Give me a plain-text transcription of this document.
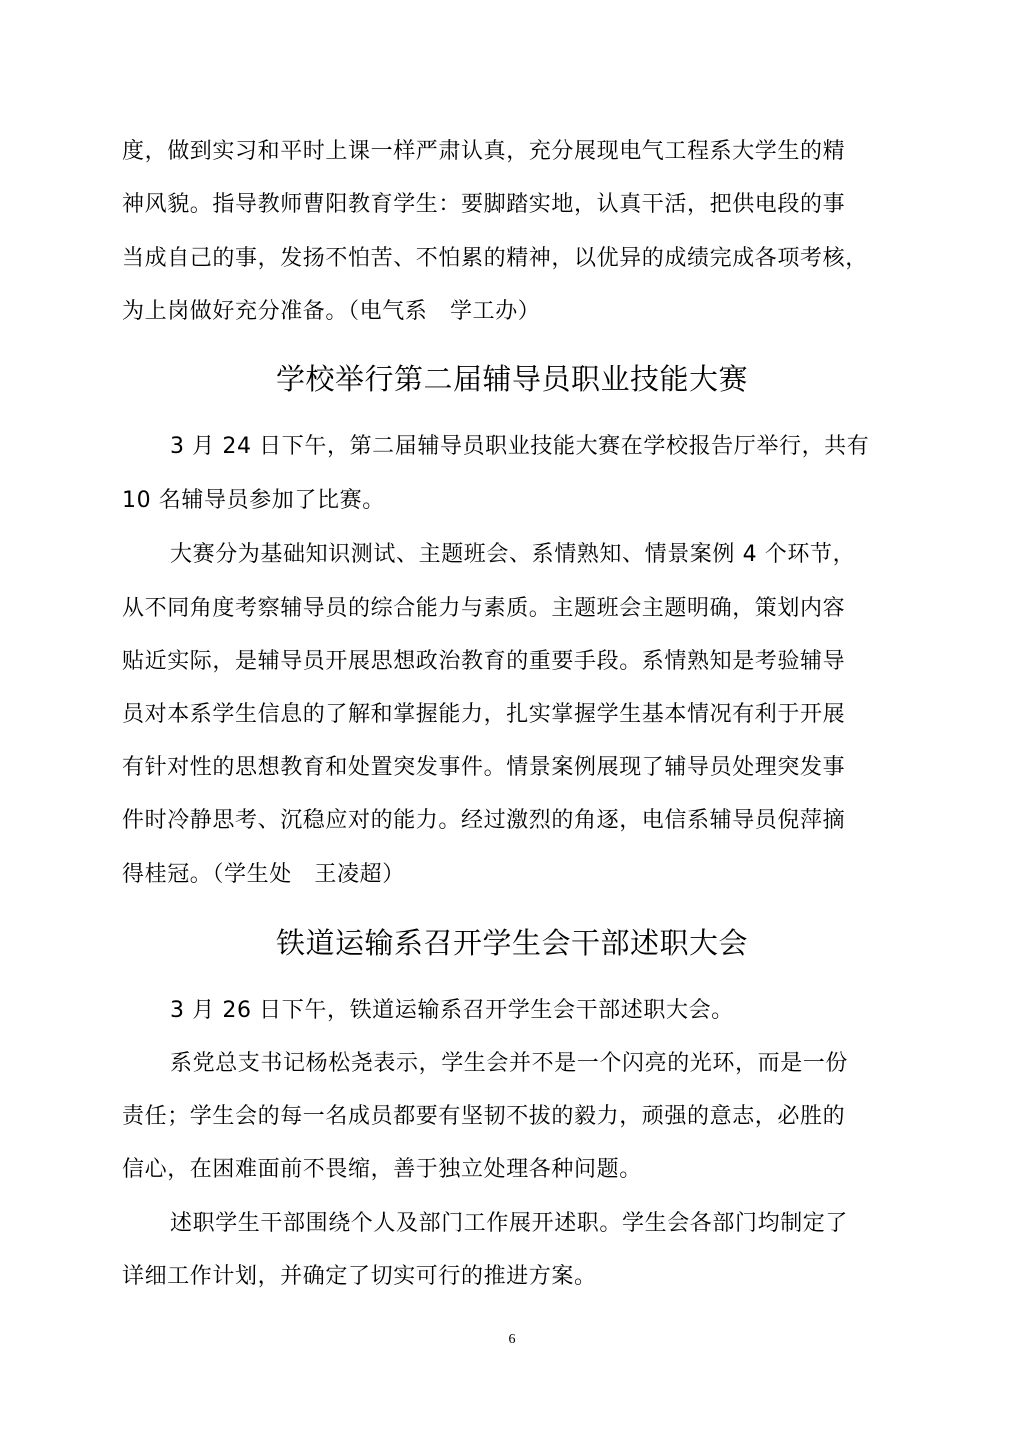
度，做到实习和平时上课一样严肃认真，充分展现电气工程系大学生的精
神风貌。指导教师曹阳教育学生：要脚踏实地，认真干活，把供电段的事
当成自己的事，发扬不怕苦、不怕累的精神，以优异的成绩完成各项考核，
为上岗做好充分准备。（电气系　学工办）
学校举行第二届辅导员职业技能大赛
3 月 24 日下午，第二届辅导员职业技能大赛在学校报告厅举行，共有
10 名辅导员参加了比赛。
大赛分为基础知识测试、主题班会、系情熟知、情景案例 4 个环节，
从不同角度考察辅导员的综合能力与素质。主题班会主题明确，策划内容
贴近实际，是辅导员开展思想政治教育的重要手段。系情熟知是考验辅导
员对本系学生信息的了解和掌握能力，扎实掌握学生基本情况有利于开展
有针对性的思想教育和处置突发事件。情景案例展现了辅导员处理突发事
件时冷静思考、沉稳应对的能力。经过激烈的角逐，电信系辅导员倪萍摘
得桂冠。（学生处　王凌超）
铁道运输系召开学生会干部述职大会
3 月 26 日下午，铁道运输系召开学生会干部述职大会。
系党总支书记杨松尧表示，学生会并不是一个闪亮的光环，而是一份
责任；学生会的每一名成员都要有坚韧不拔的毅力，顽强的意志，必胜的
信心，在困难面前不畏缩，善于独立处理各种问题。
述职学生干部围绕个人及部门工作展开述职。学生会各部门均制定了
详细工作计划，并确定了切实可行的推进方案。
6
